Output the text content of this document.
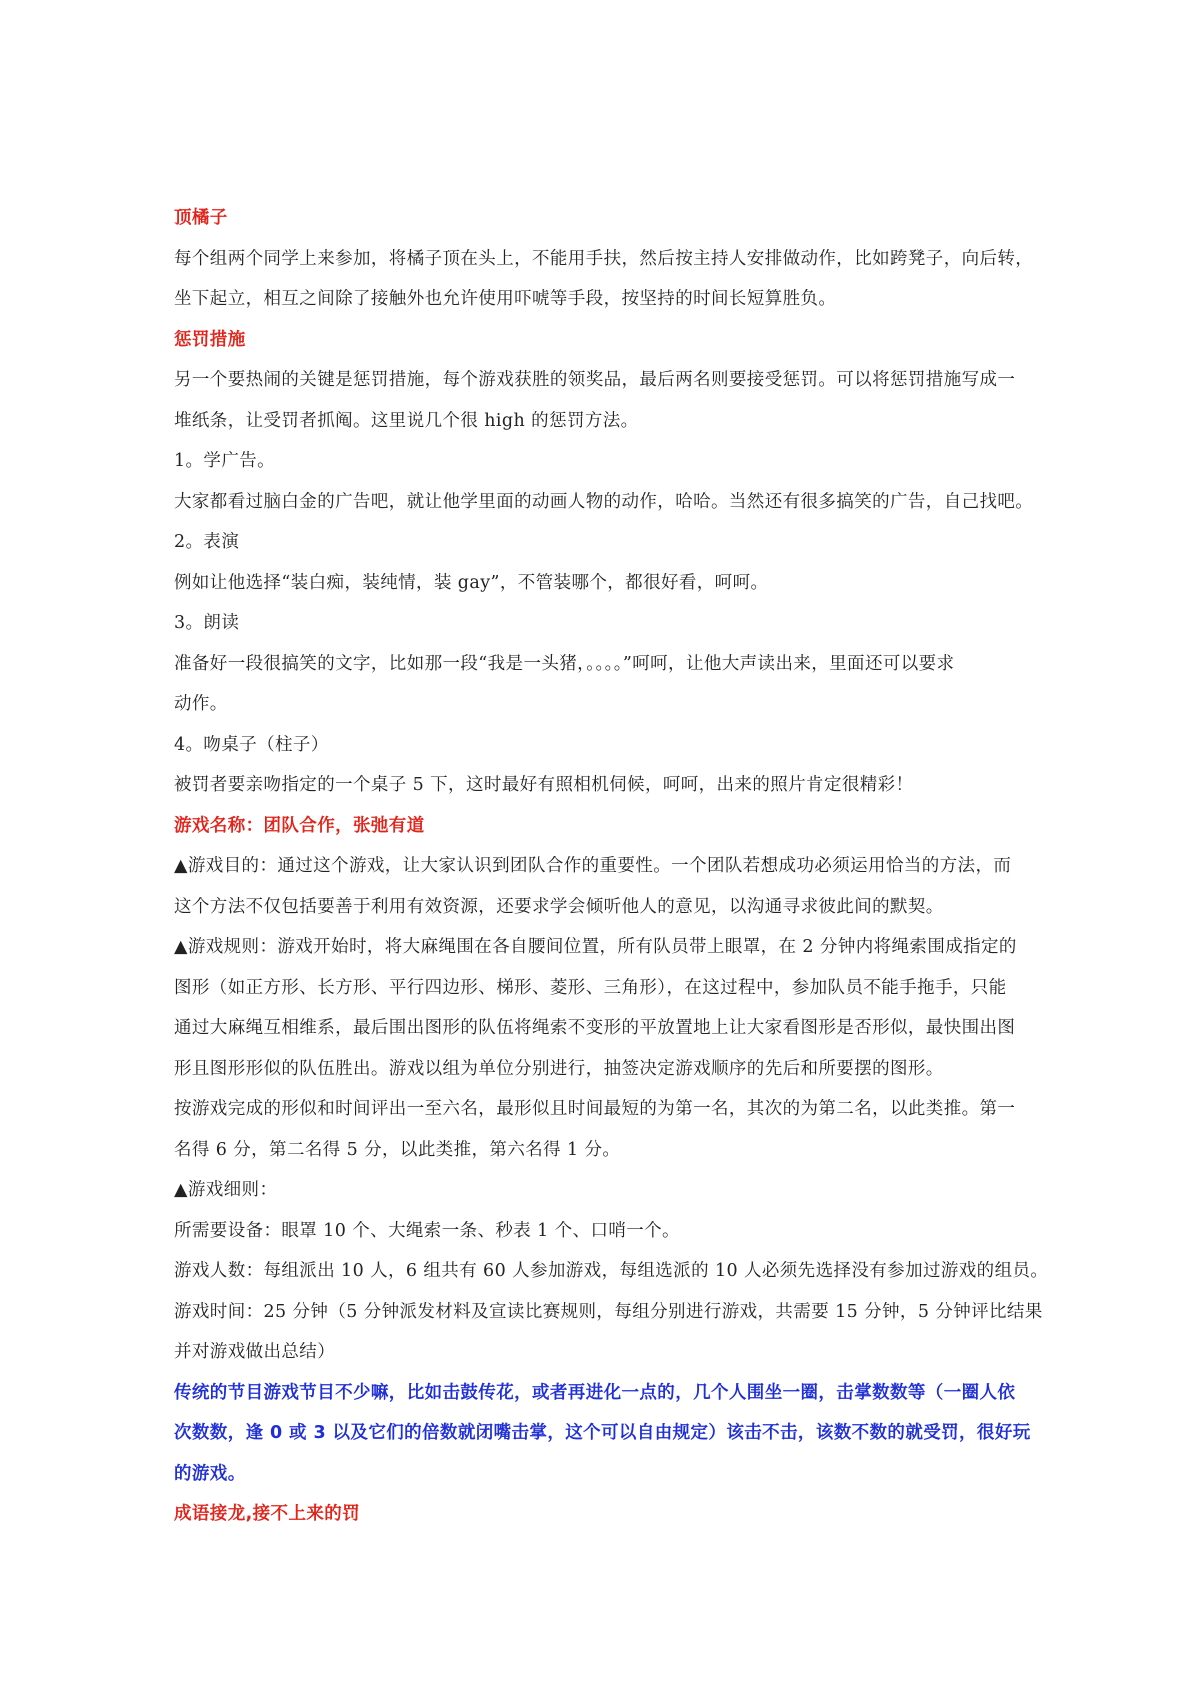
顶橘子
每个组两个同学上来参加，将橘子顶在头上，不能用手扶，然后按主持人安排做动作，比如跨凳子，向后转，
坐下起立，相互之间除了接触外也允许使用吓唬等手段，按坚持的时间长短算胜负。
惩罚措施
另一个要热闹的关键是惩罚措施，每个游戏获胜的领奖品，最后两名则要接受惩罚。可以将惩罚措施写成一
堆纸条，让受罚者抓阄。这里说几个很 high 的惩罚方法。
1。学广告。
大家都看过脑白金的广告吧，就让他学里面的动画人物的动作，哈哈。当然还有很多搞笑的广告，自己找吧。
2。表演
例如让他选择“装白痴，装纯情，装 gay”，不管装哪个，都很好看，呵呵。
3。朗读
准备好一段很搞笑的文字，比如那一段“我是一头猪，。。。。”呵呵，让他大声读出来，里面还可以要求
动作。
4。吻桌子（柱子）
被罚者要亲吻指定的一个桌子 5 下，这时最好有照相机伺候，呵呵，出来的照片肯定很精彩！
游戏名称：团队合作，张弛有道
▲游戏目的：通过这个游戏，让大家认识到团队合作的重要性。一个团队若想成功必须运用恰当的方法，而
这个方法不仅包括要善于利用有效资源，还要求学会倾听他人的意见，以沟通寻求彼此间的默契。
▲游戏规则：游戏开始时，将大麻绳围在各自腰间位置，所有队员带上眼罩，在 2 分钟内将绳索围成指定的
图形（如正方形、长方形、平行四边形、梯形、菱形、三角形），在这过程中，参加队员不能手拖手，只能
通过大麻绳互相维系，最后围出图形的队伍将绳索不变形的平放置地上让大家看图形是否形似，最快围出图
形且图形形似的队伍胜出。游戏以组为单位分别进行，抽签决定游戏顺序的先后和所要摆的图形。
按游戏完成的形似和时间评出一至六名，最形似且时间最短的为第一名，其次的为第二名，以此类推。第一
名得 6 分，第二名得 5 分，以此类推，第六名得 1 分。
▲游戏细则：
所需要设备：眼罩 10 个、大绳索一条、秒表 1 个、口哨一个。
游戏人数：每组派出 10 人，6 组共有 60 人参加游戏，每组选派的 10 人必须先选择没有参加过游戏的组员。
游戏时间：25 分钟（5 分钟派发材料及宣读比赛规则，每组分别进行游戏，共需要 15 分钟，5 分钟评比结果
并对游戏做出总结）
传统的节目游戏节目不少嘛，比如击鼓传花，或者再进化一点的，几个人围坐一圈，击掌数数等（一圈人依
次数数，逢 0 或 3 以及它们的倍数就闭嘴击掌，这个可以自由规定）该击不击，该数不数的就受罚，很好玩
的游戏。
成语接龙,接不上来的罚
